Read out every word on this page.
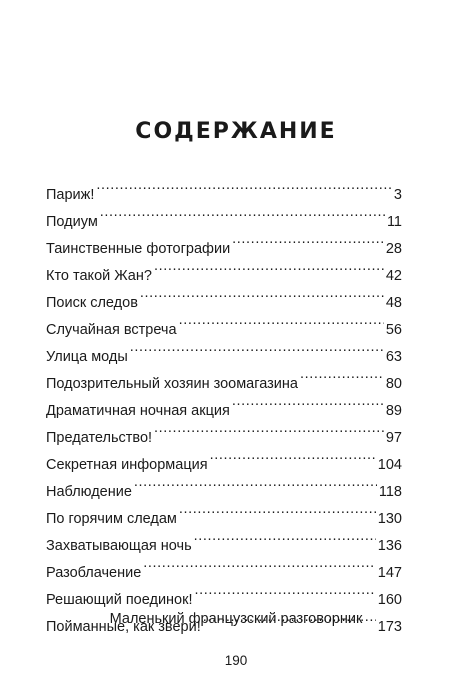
СОДЕРЖАНИЕ
Париж! .....	3
Подиум .....	11
Таинственные фотографии .....	28
Кто такой Жан? .....	42
Поиск следов .....	48
Случайная встреча .....	56
Улица моды .....	63
Подозрительный хозяин зоомагазина .....	80
Драматичная ночная акция .....	89
Предательство! .....	97
Секретная информация .....	104
Наблюдение .....	118
По горячим следам .....	130
Захватывающая ночь .....	136
Разоблачение .....	147
Решающий поединок! .....	160
Пойманные, как звери! .....	173
Маленький французский разговорник
190
